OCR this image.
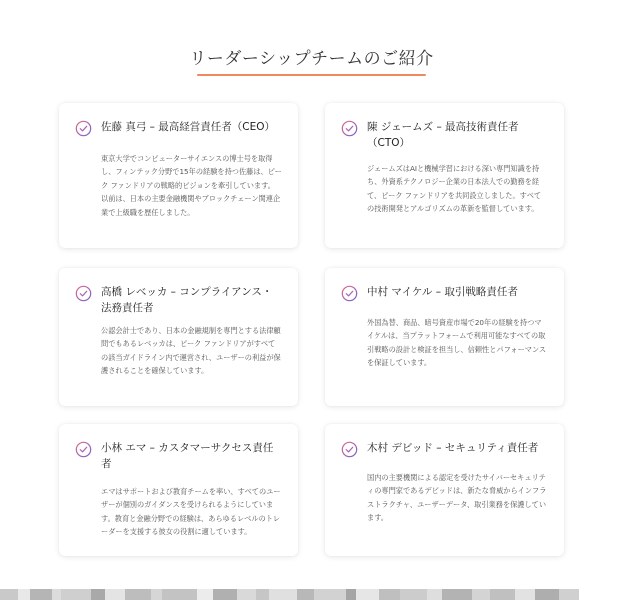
リーダーシップチームのご紹介
佐藤 真弓 – 最高経営責任者（CEO）

東京大学でコンピューターサイエンスの博士号を取得し、フィンテック分野で15年の経験を持つ佐藤は、ピーク ファンドリアの戦略的ビジョンを牽引しています。以前は、日本の主要金融機関やブロックチェーン関連企業で上級職を歴任しました。

陳 ジェームズ – 最高技術責任者（CTO）

ジェームズはAIと機械学習における深い専門知識を持ち、外資系テクノロジー企業の日本法人での勤務を経て、ピーク ファンドリアを共同設立しました。すべての技術開発とアルゴリズムの革新を監督しています。

高橋 レベッカ – コンプライアンス・法務責任者

公認会計士であり、日本の金融規制を専門とする法律顧問でもあるレベッカは、ピーク ファンドリアがすべての該当ガイドライン内で運営され、ユーザーの利益が保護されることを確保しています。

中村 マイケル – 取引戦略責任者

外国為替、商品、暗号資産市場で20年の経験を持つマイケルは、当プラットフォームで利用可能なすべての取引戦略の設計と検証を担当し、信頼性とパフォーマンスを保証しています。

小林 エマ – カスタマーサクセス責任者

エマはサポートおよび教育チームを率い、すべてのユーザーが個別のガイダンスを受けられるようにしています。教育と金融分野での経験は、あらゆるレベルのトレーダーを支援する彼女の役割に適しています。

木村 デビッド – セキュリティ責任者

国内の主要機関による認定を受けたサイバーセキュリティの専門家であるデビッドは、新たな脅威からインフラストラクチャ、ユーザーデータ、取引業務を保護しています。
